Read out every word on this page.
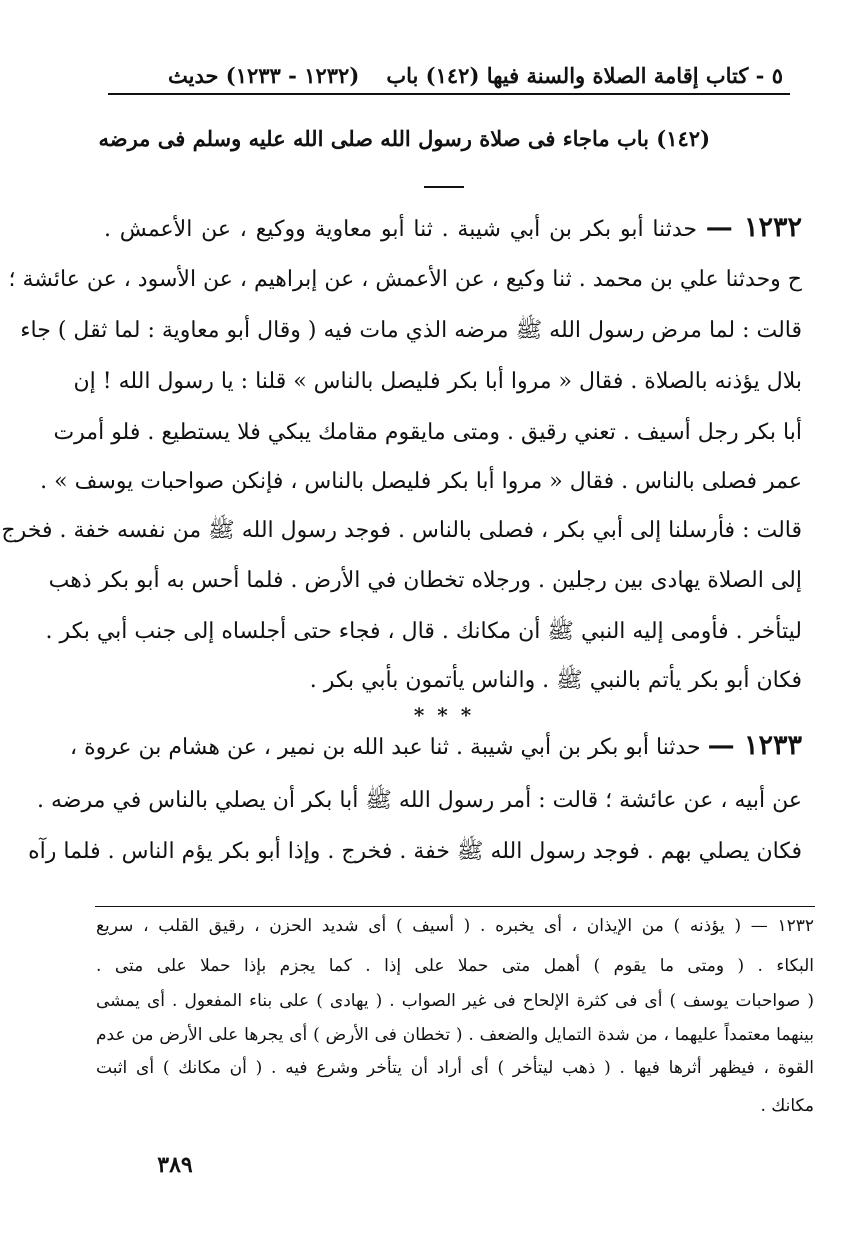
٥ - كتاب إقامة الصلاة والسنة فيها (١٤٢) باب
(١٢٣٢ - ١٢٣٣) حديث
(١٤٢) باب ماجاء فى صلاة رسول الله صلى الله عليه وسلم فى مرضه
١٢٣٢ — حدثنا أبو بكر بن أبي شيبة . ثنا أبو معاوية ووكيع ، عن الأعمش .
ح وحدثنا علي بن محمد . ثنا وكيع ، عن الأعمش ، عن إبراهيم ، عن الأسود ، عن عائشة ؛
قالت : لما مرض رسول الله ﷺ مرضه الذي مات فيه ( وقال أبو معاوية : لما ثقل ) جاء
بلال يؤذنه بالصلاة . فقال « مروا أبا بكر فليصل بالناس » قلنا : يا رسول الله ! إن
أبا بكر رجل أسيف . تعني رقيق . ومتى مايقوم مقامك يبكي فلا يستطيع . فلو أمرت
عمر فصلى بالناس . فقال « مروا أبا بكر فليصل بالناس ، فإنكن صواحبات يوسف » .
قالت : فأرسلنا إلى أبي بكر ، فصلى بالناس . فوجد رسول الله ﷺ من نفسه خفة . فخرج
إلى الصلاة يهادى بين رجلين . ورجلاه تخطان في الأرض . فلما أحس به أبو بكر ذهب
ليتأخر . فأومى إليه النبي ﷺ أن مكانك . قال ، فجاء حتى أجلساه إلى جنب أبي بكر .
فكان أبو بكر يأتم بالنبي ﷺ . والناس يأتمون بأبي بكر .
* * *
١٢٣٣ — حدثنا أبو بكر بن أبي شيبة . ثنا عبد الله بن نمير ، عن هشام بن عروة ،
عن أبيه ، عن عائشة ؛ قالت : أمر رسول الله ﷺ أبا بكر أن يصلي بالناس في مرضه .
فكان يصلي بهم . فوجد رسول الله ﷺ خفة . فخرج . وإذا أبو بكر يؤم الناس . فلما رآه
١٢٣٢ — ( يؤذنه ) من الإيذان ، أى يخبره . ( أسيف ) أى شديد الحزن ، رقيق القلب ، سريع
البكاء . ( ومتى ما يقوم ) أهمل متى حملا على إذا . كما يجزم بإذا حملا على متى .
( صواحبات يوسف ) أى فى كثرة الإلحاح فى غير الصواب . ( يهادى ) على بناء المفعول . أى يمشى
بينهما معتمداً عليهما ، من شدة التمايل والضعف . ( تخطان فى الأرض ) أى يجرها على الأرض من عدم
القوة ، فيظهر أثرها فيها . ( ذهب ليتأخر ) أى أراد أن يتأخر وشرع فيه . ( أن مكانك ) أى اثبت
مكانك .
٣٨٩
